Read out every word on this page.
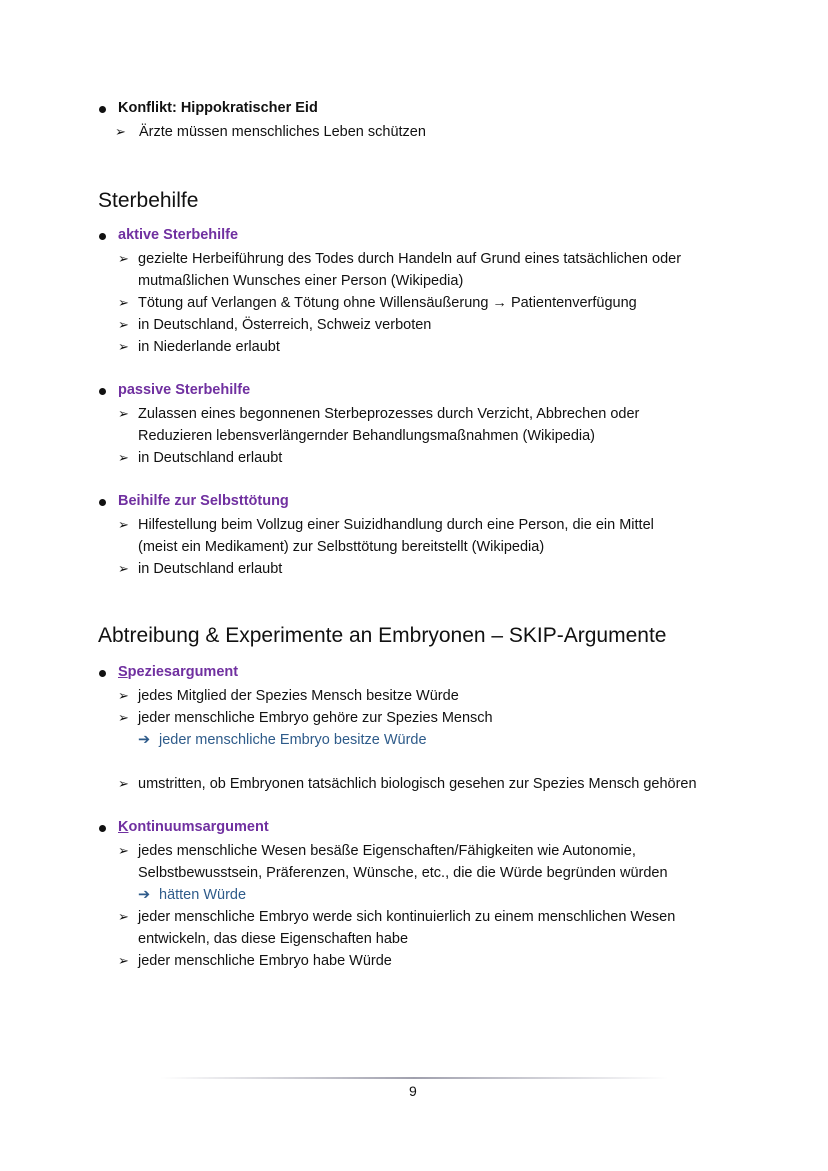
Konflikt: Hippokratischer Eid
➢ Ärzte müssen menschliches Leben schützen
Sterbehilfe
aktive Sterbehilfe
➢ gezielte Herbeiführung des Todes durch Handeln auf Grund eines tatsächlichen oder
mutmaßlichen Wunsches einer Person (Wikipedia)
➢ Tötung auf Verlangen & Tötung ohne Willensäußerung → Patientenverfügung
➢ in Deutschland, Österreich, Schweiz verboten
➢ in Niederlande erlaubt
passive Sterbehilfe
➢ Zulassen eines begonnenen Sterbeprozesses durch Verzicht, Abbrechen oder
Reduzieren lebensverlängernder Behandlungsmaßnahmen (Wikipedia)
➢ in Deutschland erlaubt
Beihilfe zur Selbsttötung
➢ Hilfestellung beim Vollzug einer Suizidhandlung durch eine Person, die ein Mittel
(meist ein Medikament) zur Selbsttötung bereitstellt (Wikipedia)
➢ in Deutschland erlaubt
Abtreibung & Experimente an Embryonen – SKIP-Argumente
Speziesargument
➢ jedes Mitglied der Spezies Mensch besitze Würde
➢ jeder menschliche Embryo gehöre zur Spezies Mensch
➔ jeder menschliche Embryo besitze Würde
➢ umstritten, ob Embryonen tatsächlich biologisch gesehen zur Spezies Mensch gehören
Kontinuumsargument
➢ jedes menschliche Wesen besäße Eigenschaften/Fähigkeiten wie Autonomie,
Selbstbewusstsein, Präferenzen, Wünsche, etc., die die Würde begründen würden
➔ hätten Würde
➢ jeder menschliche Embryo werde sich kontinuierlich zu einem menschlichen Wesen
entwickeln, das diese Eigenschaften habe
➢ jeder menschliche Embryo habe Würde
9
